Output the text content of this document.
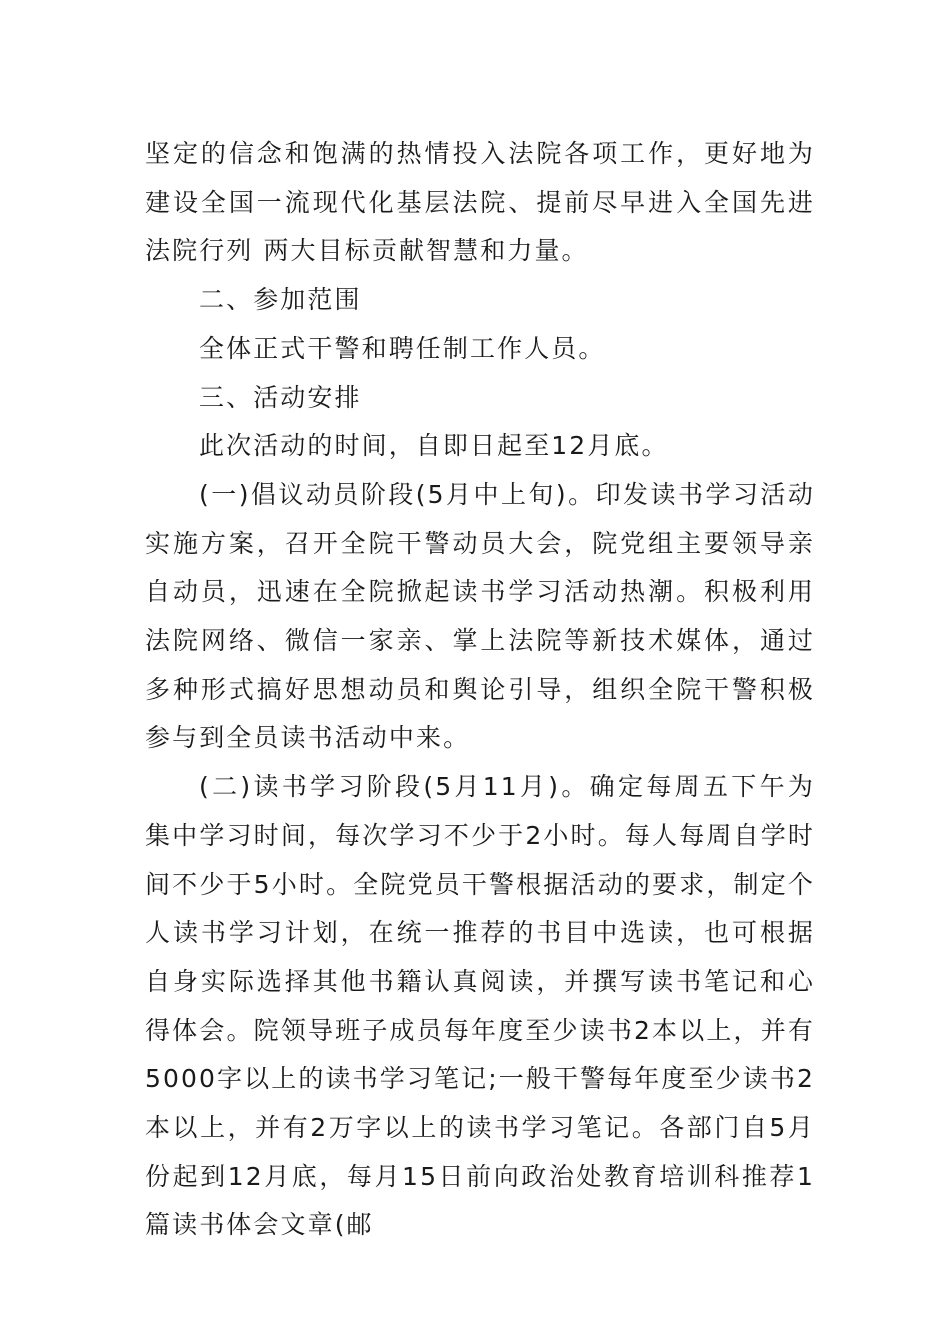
坚定的信念和饱满的热情投入法院各项工作，更好地为建设全国一流现代化基层法院、提前尽早进入全国先进法院行列 两大目标贡献智慧和力量。

二、参加范围

全体正式干警和聘任制工作人员。

三、活动安排

此次活动的时间，自即日起至12月底。

(一)倡议动员阶段(5月中上旬)。印发读书学习活动实施方案，召开全院干警动员大会，院党组主要领导亲自动员，迅速在全院掀起读书学习活动热潮。积极利用法院网络、微信一家亲、掌上法院等新技术媒体，通过多种形式搞好思想动员和舆论引导，组织全院干警积极参与到全员读书活动中来。

(二)读书学习阶段(5月11月)。确定每周五下午为集中学习时间，每次学习不少于2小时。每人每周自学时间不少于5小时。全院党员干警根据活动的要求，制定个人读书学习计划，在统一推荐的书目中选读，也可根据自身实际选择其他书籍认真阅读，并撰写读书笔记和心得体会。院领导班子成员每年度至少读书2本以上，并有5000字以上的读书学习笔记;一般干警每年度至少读书2本以上，并有2万字以上的读书学习笔记。各部门自5月份起到12月底，每月15日前向政治处教育培训科推荐1篇读书体会文章(邮
